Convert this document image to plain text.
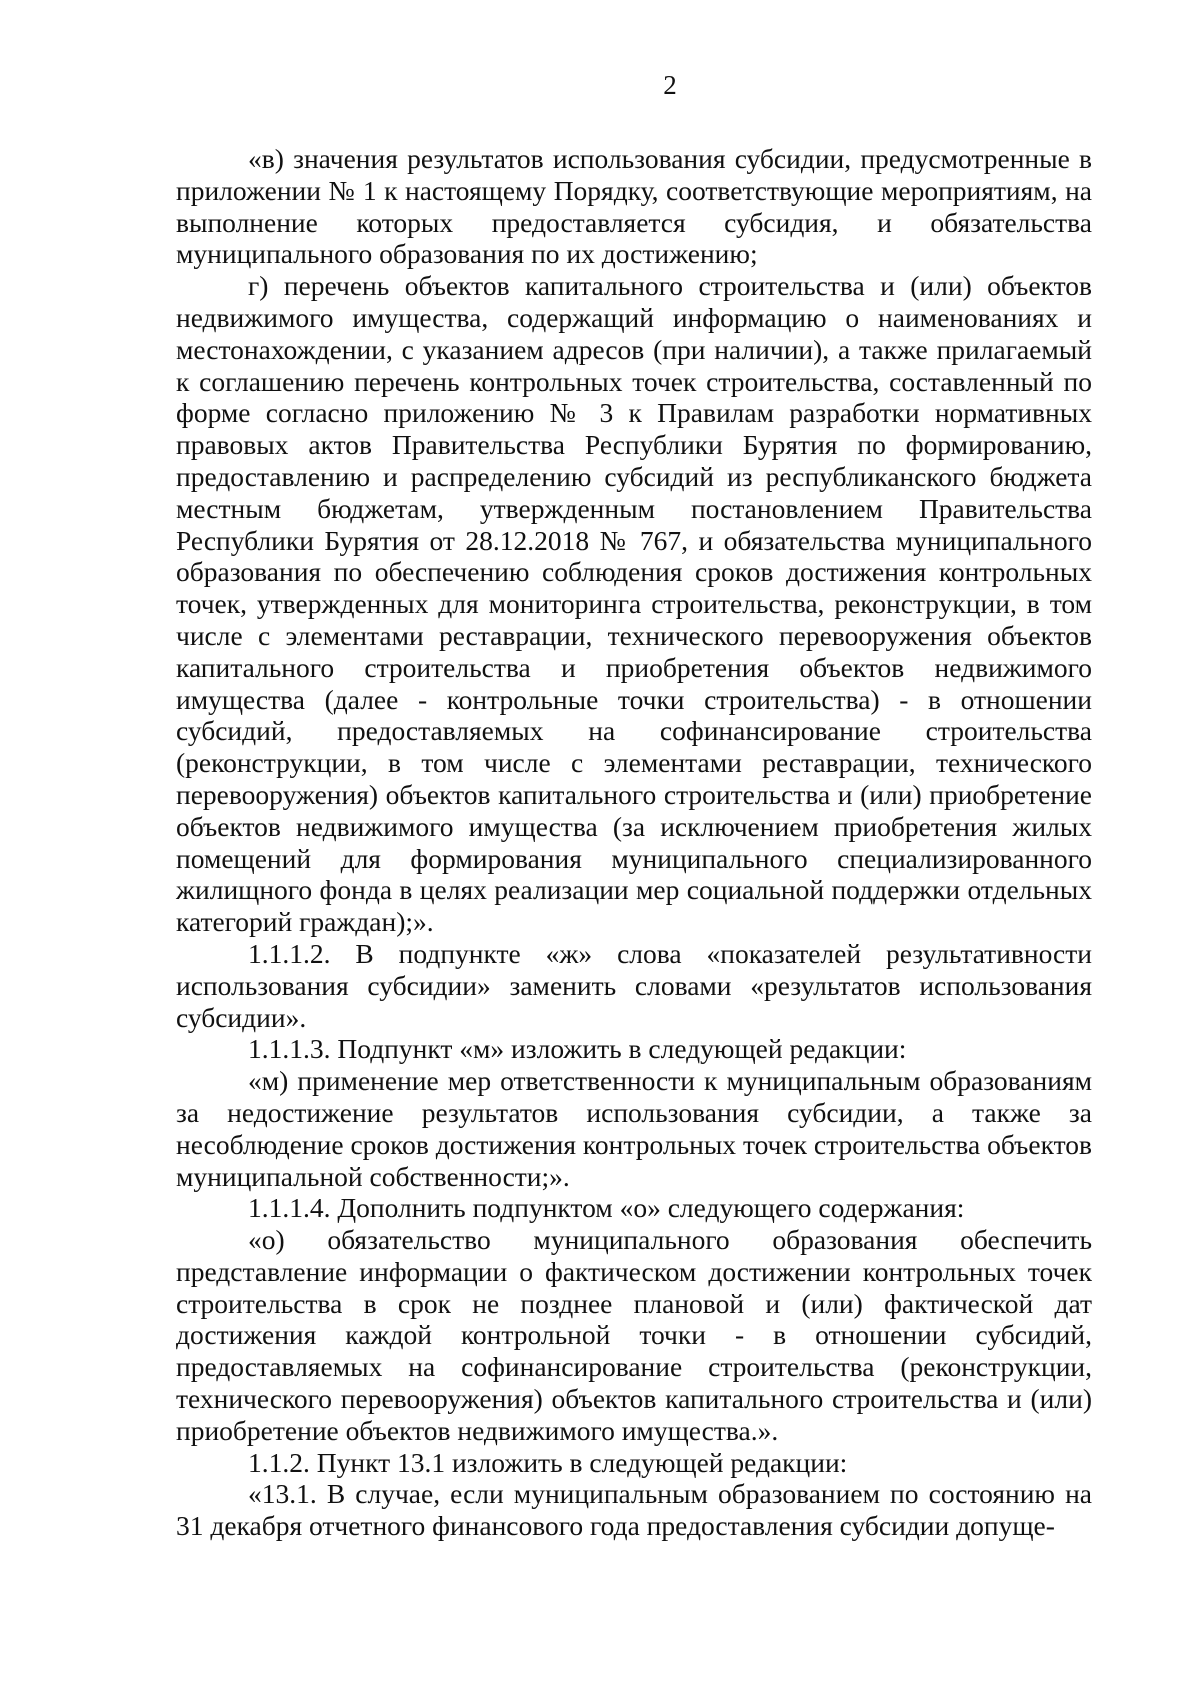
2

«в) значения результатов использования субсидии, предусмотренные в приложении № 1 к настоящему Порядку, соответствующие мероприятиям, на выполнение которых предоставляется субсидия, и обязательства муниципального образования по их достижению;

г) перечень объектов капитального строительства и (или) объектов недвижимого имущества, содержащий информацию о наименованиях и местонахождении, с указанием адресов (при наличии), а также прилагаемый к соглашению перечень контрольных точек строительства, составленный по форме согласно приложению № 3 к Правилам разработки нормативных правовых актов Правительства Республики Бурятия по формированию, предоставлению и распределению субсидий из республиканского бюджета местным бюджетам, утвержденным постановлением Правительства Республики Бурятия от 28.12.2018 № 767, и обязательства муниципального образования по обеспечению соблюдения сроков достижения контрольных точек, утвержденных для мониторинга строительства, реконструкции, в том числе с элементами реставрации, технического перевооружения объектов капитального строительства и приобретения объектов недвижимого имущества (далее - контрольные точки строительства) - в отношении субсидий, предоставляемых на софинансирование строительства (реконструкции, в том числе с элементами реставрации, технического перевооружения) объектов капитального строительства и (или) приобретение объектов недвижимого имущества (за исключением приобретения жилых помещений для формирования муниципального специализированного жилищного фонда в целях реализации мер социальной поддержки отдельных категорий граждан);».

1.1.1.2. В подпункте «ж» слова «показателей результативности использования субсидии» заменить словами «результатов использования субсидии».

1.1.1.3. Подпункт «м» изложить в следующей редакции:

«м) применение мер ответственности к муниципальным образованиям за недостижение результатов использования субсидии, а также за несоблюдение сроков достижения контрольных точек строительства объектов муниципальной собственности;».

1.1.1.4. Дополнить подпунктом «о» следующего содержания:

«о) обязательство муниципального образования обеспечить представление информации о фактическом достижении контрольных точек строительства в срок не позднее плановой и (или) фактической дат достижения каждой контрольной точки - в отношении субсидий, предоставляемых на софинансирование строительства (реконструкции, технического перевооружения) объектов капитального строительства и (или) приобретение объектов недвижимого имущества.».

1.1.2. Пункт 13.1 изложить в следующей редакции:

«13.1. В случае, если муниципальным образованием по состоянию на 31 декабря отчетного финансового года предоставления субсидии допуще-
